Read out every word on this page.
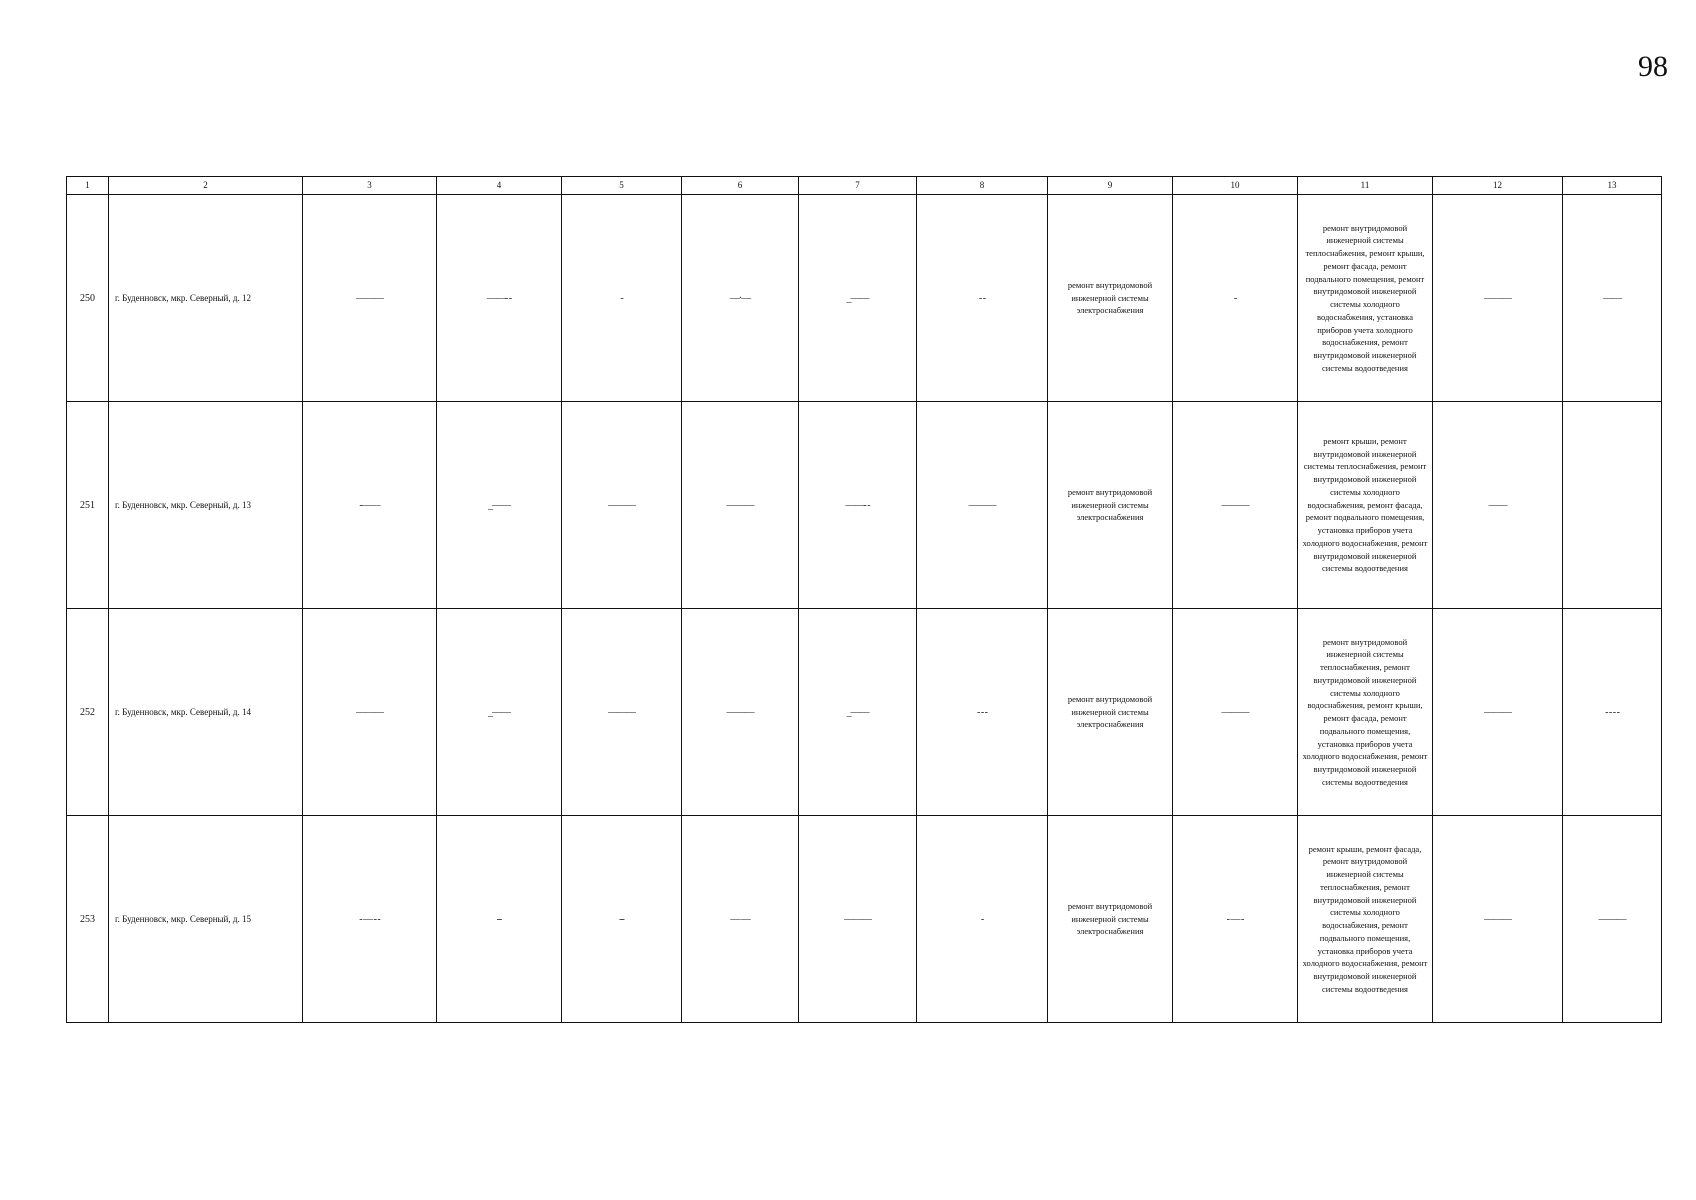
98
1	2	3	4	5	6	7	8	9	10	11	12	13
250	г. Буденновск, мкр. Северный, д. 12	———	——- -	-	—·—	_——	- -	ремонт внутридомовой инженерной системы электроснабжения	-	ремонт внутридомовой инженерной системы теплоснабжения, ремонт крыши, ремонт фасада, ремонт подвального помещения, ремонт внутридомовой инженерной системы холодного водоснабжения, установка приборов учета холодного водоснабжения, ремонт внутридомовой инженерной системы водоотведения	———	——
251	г. Буденновск, мкр. Северный, д. 13	-——	_——	———	———	——- -	———	ремонт внутридомовой инженерной системы электроснабжения	———	ремонт крыши, ремонт внутридомовой инженерной системы теплоснабжения, ремонт внутридомовой инженерной системы холодного водоснабжения, ремонт фасада, ремонт подвального помещения, установка приборов учета холодного водоснабжения, ремонт внутридомовой инженерной системы водоотведения	——	
252	г. Буденновск, мкр. Северный, д. 14	———	_——	———	———	_——	- - -	ремонт внутридомовой инженерной системы электроснабжения	———	ремонт внутридомовой инженерной системы теплоснабжения, ремонт внутридомовой инженерной системы холодного водоснабжения, ремонт крыши, ремонт фасада, ремонт подвального помещения, установка приборов учета холодного водоснабжения, ремонт внутридомовой инженерной системы водоотведения	———	- - - -
253	г. Буденновск, мкр. Северный, д. 15	- — - -	--	--	— —	———	-	ремонт внутридомовой инженерной системы электроснабжения	- — -	ремонт крыши, ремонт фасада, ремонт внутридомовой инженерной системы теплоснабжения, ремонт внутридомовой инженерной системы холодного водоснабжения, ремонт подвального помещения, установка приборов учета холодного водоснабжения, ремонт внутридомовой инженерной системы водоотведения	———	———
